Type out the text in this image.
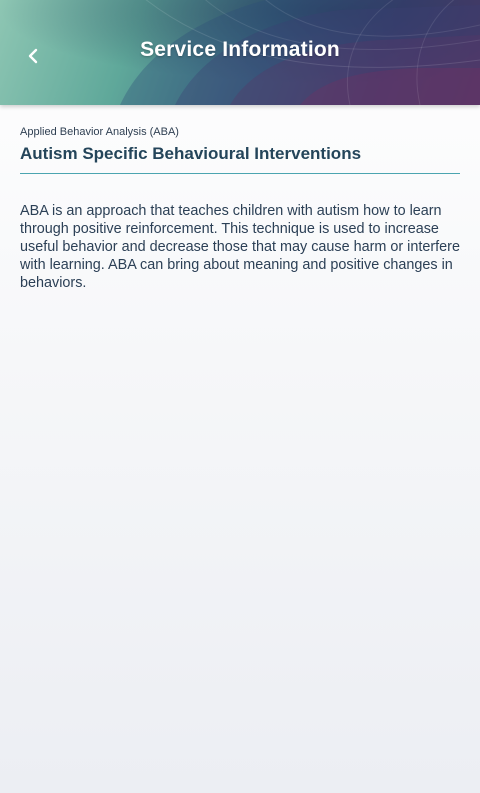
Service Information
Applied Behavior Analysis (ABA)
Autism Specific Behavioural Interventions
ABA is an approach that teaches children with autism how to learn through positive reinforcement. This technique is used to increase useful behavior and decrease those that may cause harm or interfere with learning. ABA can bring about meaning and positive changes in behaviors.
